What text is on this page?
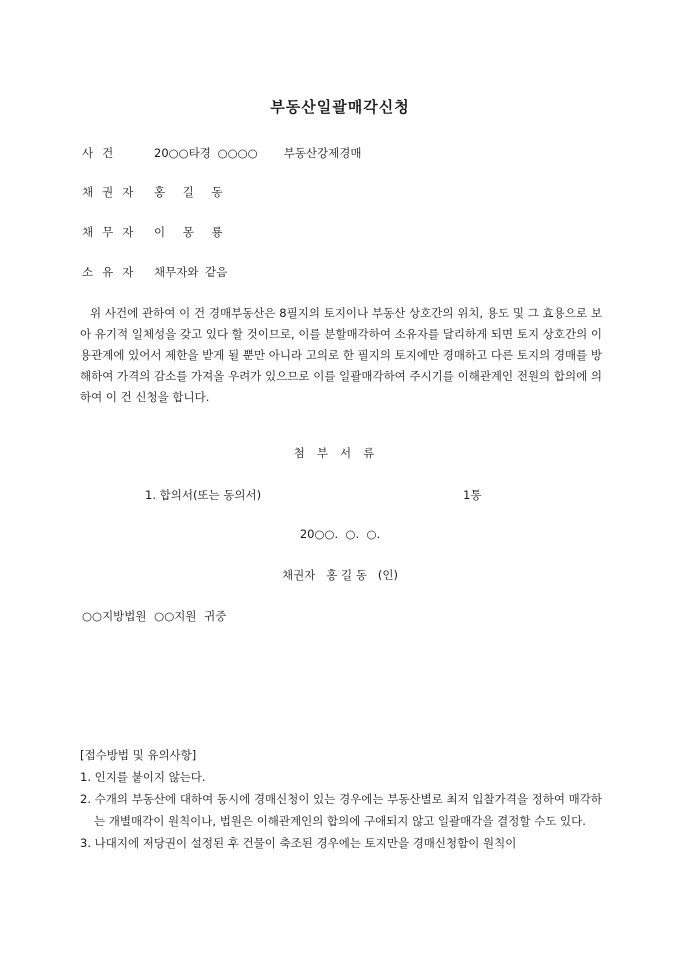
부동산일괄매각신청
사건	20○○타경 ○○○○ 부동산강제경매
채권자 홍 길 동
채무자 이 몽 룡
소유자 채무자와 같음
위 사건에 관하여 이 건 경매부동산은 8필지의 토지이나 부동산 상호간의 위치, 용도 및 그 효용으로 보아 유기적 일체성을 갖고 있다 할 것이므로, 이를 분할매각하여 소유자를 달리하게 되면 토지 상호간의 이용관계에 있어서 제한을 받게 될 뿐만 아니라 고의로 한 필지의 토지에만 경매하고 다른 토지의 경매를 방해하여 가격의 감소를 가져올 우려가 있으므로 이를 일괄매각하여 주시기를 이해관계인 전원의 합의에 의하여 이 건 신청을 합니다.
첨부서류
1. 합의서(또는 동의서)	1통
20○○.  ○.  ○.
채권자   홍 길 동   (인)
○○지방법원 ○○지원 귀중
[접수방법 및 유의사항]
1. 인지를 붙이지 않는다.
2. 수개의 부동산에 대하여 동시에 경매신청이 있는 경우에는 부동산별로 최저 입찰가격을 정하여 매각하는 개별매각이 원칙이나, 법원은 이해관계인의 합의에 구애되지 않고 일괄매각을 결정할 수도 있다.
3. 나대지에 저당권이 설정된 후 건물이 축조된 경우에는 토지만을 경매신청함이 원칙이
